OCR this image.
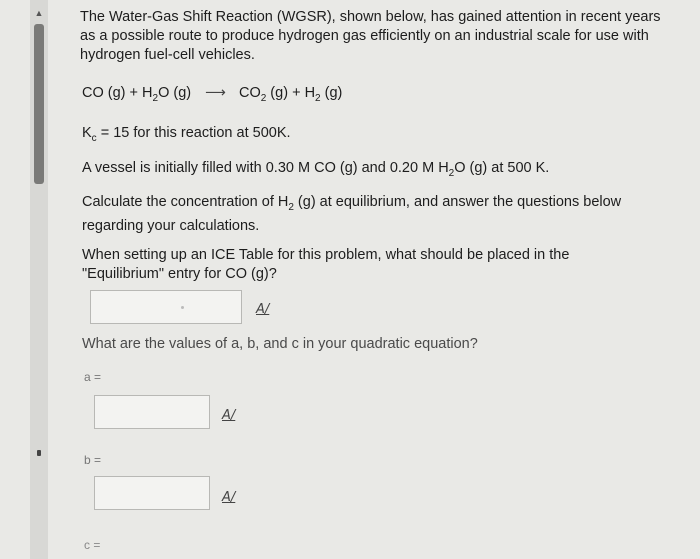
▲	The Water-Gas Shift Reaction (WGSR), shown below, has gained attention in recent years as a possible route to produce hydrogen gas efficiently on an industrial scale for use with hydrogen fuel-cell vehicles.

CO $(g) + H_2O$ (g) ⟶ $CO_2$ $(g) + H_2$ (g)
$K_c = 15$ for this reaction at 500K.
A vessel is initially filled with 0.30 M CO (g) and 0.20 M $H_2O$ (g) at 500 K.
Calculate the concentration of $H_2$ (g) at equilibrium, and answer the questions below regarding your calculations.
When setting up an ICE Table for this problem, what should be placed in the "Equilibrium" entry for CO (g)?
A/
What are the values of a, b, and c in your quadratic equation?
a =
A/
b =
A/
c =
